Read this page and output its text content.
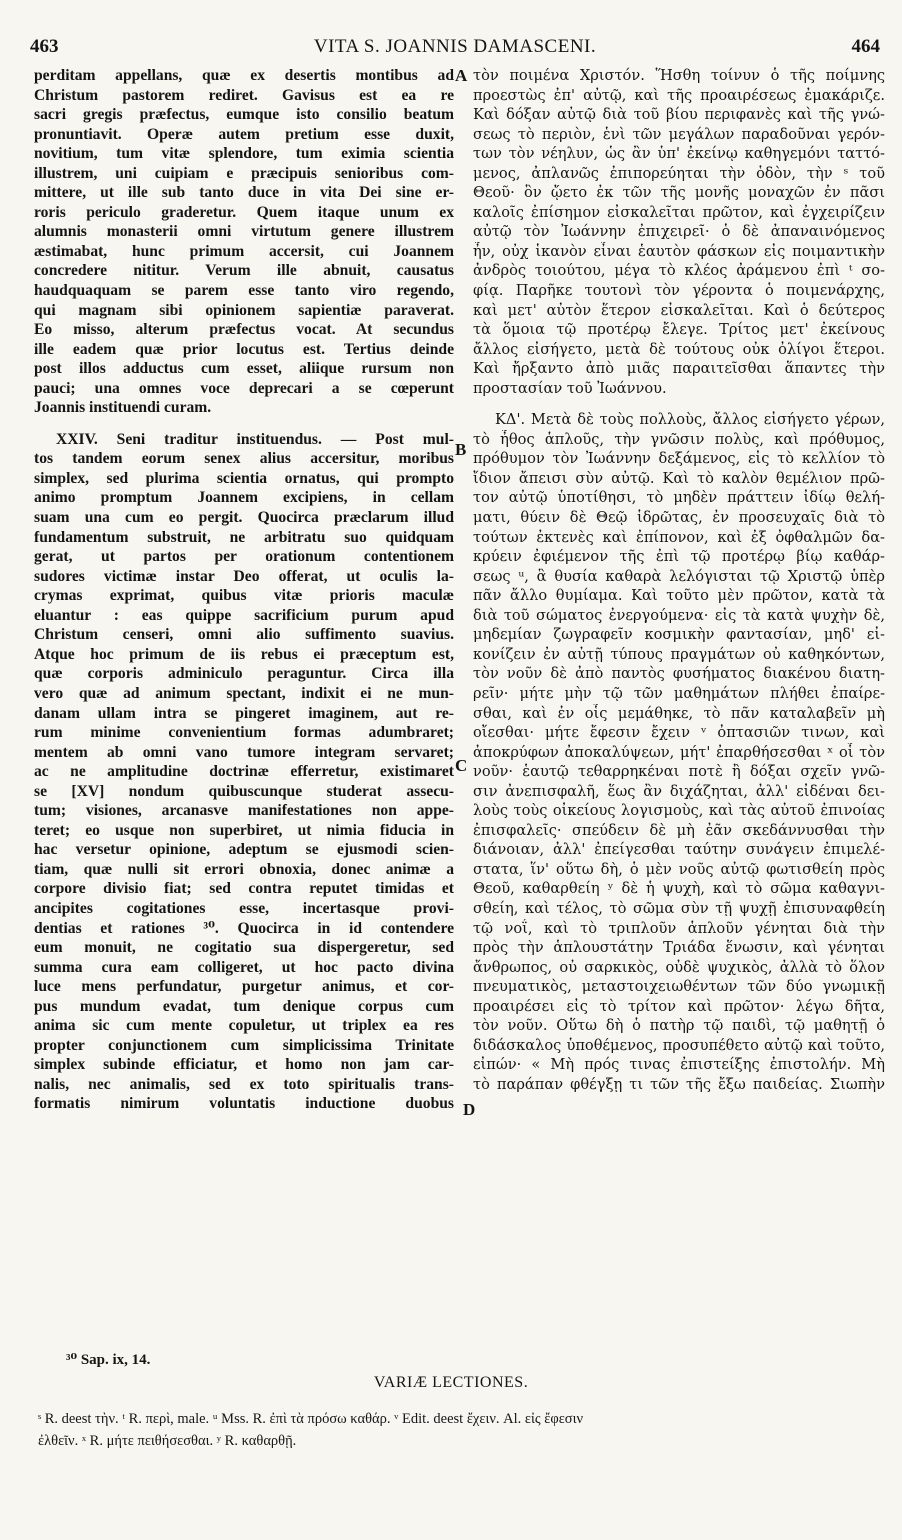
463	VITA S. JOANNIS DAMASCENI.	464
perditam appellans, quæ ex desertis montibus ad
Christum pastorem rediret. Gavisus est ea re
sacri gregis præfectus, eumque isto consilio beatum
pronuntiavit. Operæ autem pretium esse duxit,
novitium, tum vitæ splendore, tum eximia scientia
illustrem, uni cuipiam e præcipuis senioribus com-
mittere, ut ille sub tanto duce in vita Dei sine er-
roris periculo graderetur. Quem itaque unum ex
alumnis monasterii omni virtutum genere illustrem
æstimabat, hunc primum accersit, cui Joannem
concredere nititur. Verum ille abnuit, causatus
haudquaquam se parem esse tanto viro regendo,
qui magnam sibi opinionem sapientiæ paraverat.
Eo misso, alterum præfectus vocat. At secundus
ille eadem quæ prior locutus est. Tertius deinde
post illos adductus cum esset, aliique rursum non
pauci; una omnes voce deprecari a se cœperunt
Joannis instituendi curam.
XXIV. Seni traditur instituendus. — Post mul-
tos tandem eorum senex alius accersitur, moribus
simplex, sed plurima scientia ornatus, qui prompto
animo promptum Joannem excipiens, in cellam
suam una cum eo pergit. Quocirca præclarum illud
fundamentum substruit, ne arbitratu suo quidquam
gerat, ut partos per orationum contentionem
sudores victimæ instar Deo offerat, ut oculis la-
crymas exprimat, quibus vitæ prioris maculæ
eluantur : eas quippe sacrificium purum apud
Christum censeri, omni alio suffimento suavius.
Atque hoc primum de iis rebus ei præceptum est,
quæ corporis adminiculo peraguntur. Circa illa
vero quæ ad animum spectant, indixit ei ne mun-
danam ullam intra se pingeret imaginem, aut re-
rum minime convenientium formas adumbraret;
mentem ab omni vano tumore integram servaret;
ac ne amplitudine doctrinæ efferretur, existimaret
se [XV] nondum quibuscunque studerat assecu-
tum; visiones, arcanasve manifestationes non appe-
teret; eo usque non superbiret, ut nimia fiducia in
hac versetur opinione, adeptum se ejusmodi scien-
tiam, quæ nulli sit errori obnoxia, donec animæ a
corpore divisio fiat; sed contra reputet timidas et
ancipites cogitationes esse, incertasque provi-
dentias et rationes ³⁰. Quocirca in id contendere
eum monuit, ne cogitatio sua dispergeretur, sed
summa cura eam colligeret, ut hoc pacto divina
luce mens perfundatur, purgetur animus, et cor-
pus mundum evadat, tum denique corpus cum
anima sic cum mente copuletur, ut triplex ea res
propter conjunctionem cum simplicissima Trinitate
simplex subinde efficiatur, et homo non jam car-
nalis, nec animalis, sed ex toto spiritualis trans-
formatis nimirum voluntatis inductione duobus
τὸν ποιμένα Χριστόν. Ἥσθη τοίνυν ὁ τῆς ποίμνης
προεστὼς ἐπ' αὐτῷ, καὶ τῆς προαιρέσεως ἐμακάριζε.
Καὶ δόξαν αὐτῷ διὰ τοῦ βίου περιφανὲς καὶ τῆς γνώ-
σεως τὸ περιὸν, ἑνὶ τῶν μεγάλων παραδοῦναι γερόν-
των τὸν νέηλυν, ὡς ἂν ὑπ' ἐκείνῳ καθηγεμόνι ταττό-
μενος, ἀπλανῶς ἐπιπορεύηται τὴν ὁδὸν, τὴν ˢ τοῦ
Θεοῦ· ὃν ᾤετο ἐκ τῶν τῆς μονῆς μοναχῶν ἐν πᾶσι
καλοῖς ἐπίσημον εἰσκαλεῖται πρῶτον, καὶ ἐγχειρίζειν
αὐτῷ τὸν Ἰωάννην ἐπιχειρεῖ· ὁ δὲ ἀπαναινόμενος
ἦν, οὐχ ἱκανὸν εἶναι ἑαυτὸν φάσκων εἰς ποιμαντικὴν
ἀνδρὸς τοιούτου, μέγα τὸ κλέος ἀράμενου ἐπὶ ᵗ σο-
φίᾳ. Παρῆκε τουτονὶ τὸν γέροντα ὁ ποιμενάρχης,
καὶ μετ' αὐτὸν ἕτερον εἰσκαλεῖται. Καὶ ὁ δεύτερος
τὰ ὅμοια τῷ προτέρῳ ἔλεγε. Τρίτος μετ' ἐκείνους
ἄλλος εἰσήγετο, μετὰ δὲ τούτους οὐκ ὀλίγοι ἕτεροι.
Καὶ ἤρξαντο ἀπὸ μιᾶς παραιτεῖσθαι ἅπαντες τὴν
προστασίαν τοῦ Ἰωάννου.
ΚΔ'. Μετὰ δὲ τοὺς πολλοὺς, ἄλλος εἰσήγετο γέρων,
τὸ ἦθος ἁπλοῦς, τὴν γνῶσιν πολὺς, καὶ πρόθυμος,
πρόθυμον τὸν Ἰωάννην δεξάμενος, εἰς τὸ κελλίον τὸ
ἴδιον ἄπεισι σὺν αὐτῷ. Καὶ τὸ καλὸν θεμέλιον πρῶ-
τον αὐτῷ ὑποτίθησι, τὸ μηδὲν πράττειν ἰδίῳ θελή-
ματι, θύειν δὲ Θεῷ ἱδρῶτας, ἐν προσευχαῖς διὰ τὸ
τούτων ἐκτενὲς καὶ ἐπίπονον, καὶ ἐξ ὀφθαλμῶν δα-
κρύειν ἐφιέμενον τῆς ἐπὶ τῷ προτέρῳ βίῳ καθάρ-
σεως ᵘ, ἃ θυσία καθαρὰ λελόγισται τῷ Χριστῷ ὑπὲρ
πᾶν ἄλλο θυμίαμα. Καὶ τοῦτο μὲν πρῶτον, κατὰ τὰ
διὰ τοῦ σώματος ἐνεργούμενα· εἰς τὰ κατὰ ψυχὴν δὲ,
μηδεμίαν ζωγραφεῖν κοσμικὴν φαντασίαν, μηδ' εἰ-
κονίζειν ἐν αὐτῇ τύπους πραγμάτων οὐ καθηκόντων,
τὸν νοῦν δὲ ἀπὸ παντὸς φυσήματος διακένου διατη-
ρεῖν· μήτε μὴν τῷ τῶν μαθημάτων πλήθει ἐπαίρε-
σθαι, καὶ ἐν οἷς μεμάθηκε, τὸ πᾶν καταλαβεῖν μὴ
οἴεσθαι· μήτε ἔφεσιν ἔχειν ᵛ ὀπτασιῶν τινων, καὶ
ἀποκρύφων ἀποκαλύψεων, μήτ' ἐπαρθήσεσθαι ˣ οἷ τὸν
νοῦν· ἑαυτῷ τεθαρρηκέναι ποτὲ ἢ δόξαι σχεῖν γνῶ-
σιν ἀνεπισφαλῆ, ἕως ἂν διχάζηται, ἀλλ' εἰδέναι δει-
λοὺς τοὺς οἰκείους λογισμοὺς, καὶ τὰς αὐτοῦ ἐπινοίας
ἐπισφαλεῖς· σπεύδειν δὲ μὴ ἐᾶν σκεδάννυσθαι τὴν
διάνοιαν, ἀλλ' ἐπείγεσθαι ταύτην συνάγειν ἐπιμελέ-
στατα, ἵν' οὕτω δὴ, ὁ μὲν νοῦς αὐτῷ φωτισθείη πρὸς
Θεοῦ, καθαρθείη ʸ δὲ ἡ ψυχὴ, καὶ τὸ σῶμα καθαγνι-
σθείη, καὶ τέλος, τὸ σῶμα σὺν τῇ ψυχῇ ἐπισυναφθείη
τῷ νοΐ, καὶ τὸ τριπλοῦν ἁπλοῦν γένηται διὰ τὴν
πρὸς τὴν ἁπλουστάτην Τριάδα ἕνωσιν, καὶ γένηται
ἄνθρωπος, οὐ σαρκικὸς, οὐδὲ ψυχικὸς, ἀλλὰ τὸ ὅλον
πνευματικὸς, μεταστοιχειωθέντων τῶν δύο γνωμικῇ
προαιρέσει εἰς τὸ τρίτον καὶ πρῶτον· λέγω δῆτα,
τὸν νοῦν. Οὕτω δὴ ὁ πατὴρ τῷ παιδὶ, τῷ μαθητῇ ὁ
διδάσκαλος ὑποθέμενος, προσυπέθετο αὐτῷ καὶ τοῦτο,
εἰπών· « Μὴ πρός τινας ἐπιστείξης ἐπιστολήν. Μὴ
τὸ παράπαν φθέγξῃ τι τῶν τῆς ἔξω παιδείας. Σιωπὴν
A
B
C
D
³⁰ Sap. ix, 14.
VARIÆ LECTIONES.
ˢ R. deest τὴν. ᵗ R. περὶ, male. ᵘ Mss. R. ἐπὶ τὰ πρόσω καθάρ. ᵛ Edit. deest ἔχειν. Al. εἰς ἔφεσιν
ἐλθεῖν. ˣ R. μήτε πειθήσεσθαι. ʸ R. καθαρθῇ.
